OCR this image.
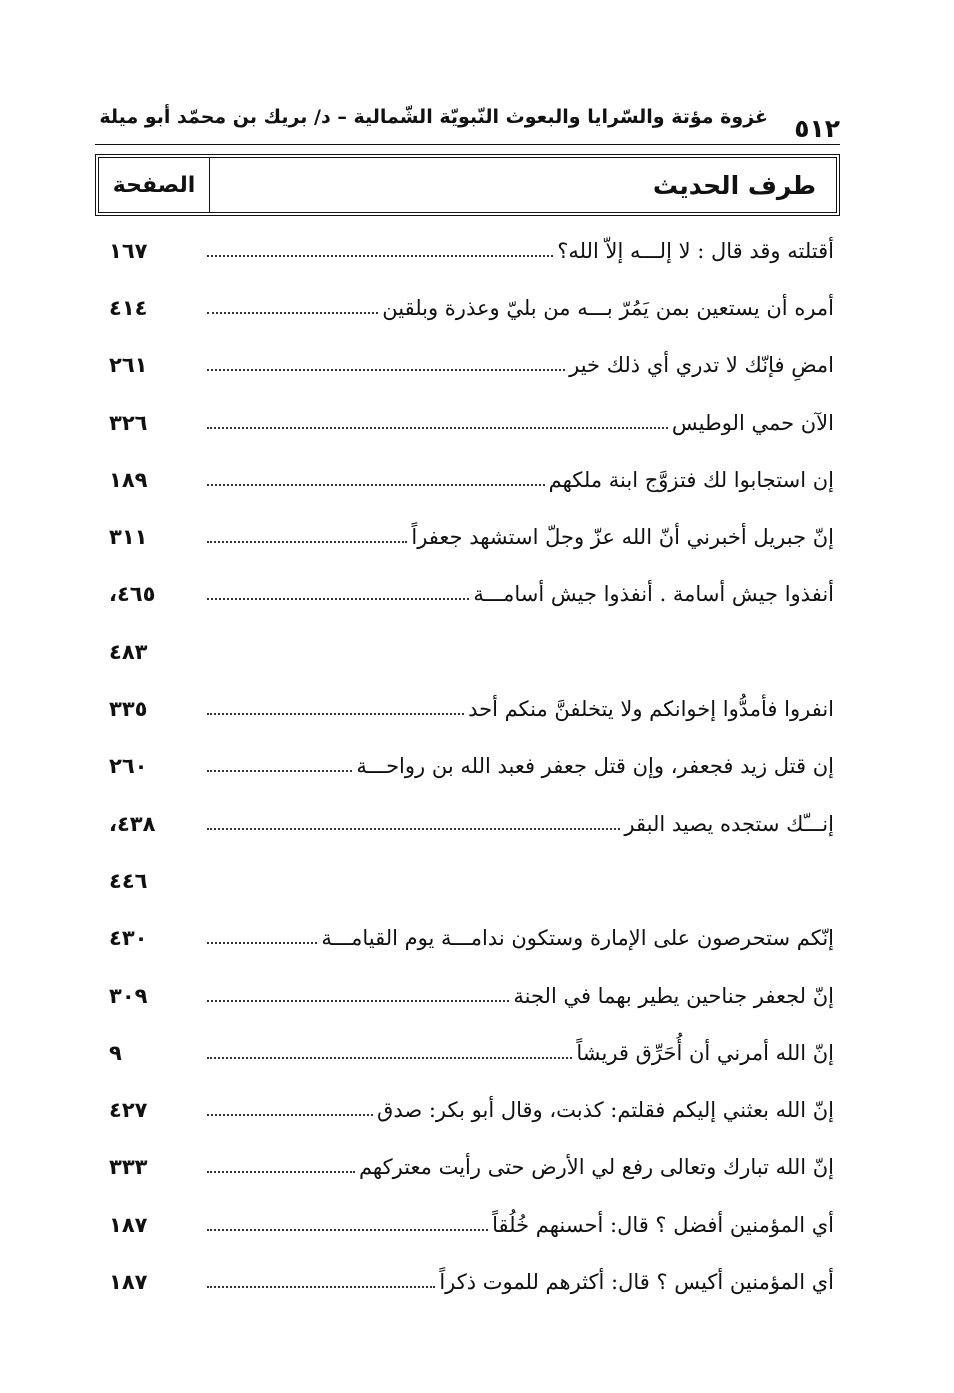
٥١٢
غزوة مؤتة والسّرايا والبعوث النّبويّة الشّمالية – د/ بريك بن محمّد أبو ميلة
طرف الحديث
الصفحة
أقتلته وقد قال : لا إلـــه إلاّ الله؟
١٦٧
أمره أن يستعين بمن يَمُرّ بـــه من بليّ وعذرة وبلقين
٤١٤
امضِ فإنّك لا تدري أي ذلك خير
٢٦١
الآن حمي الوطيس
٣٢٦
إن استجابوا لك فتزوَّج ابنة ملكهم
١٨٩
إنّ جبريل أخبرني أنّ الله عزّ وجلّ استشهد جعفراً
٣١١
أنفذوا جيش أسامة . أنفذوا جيش أسامـــة
٤٦٥،
٤٨٣
انفروا فأمدُّوا إخوانكم ولا يتخلفنَّ منكم أحد
٣٣٥
إن قتل زيد فجعفر، وإن قتل جعفر فعبد الله بن رواحـــة
٢٦٠
إنـــّك ستجده يصيد البقر
٤٣٨،
٤٤٦
إنّكم ستحرصون على الإمارة وستكون ندامـــة يوم القيامـــة
٤٣٠
إنّ لجعفر جناحين يطير بهما في الجنة
٣٠٩
إنّ الله أمرني أن أُحَرِّق قريشاً
٩
إنّ الله بعثني إليكم فقلتم: كذبت، وقال أبو بكر: صدق
٤٢٧
إنّ الله تبارك وتعالى رفع لي الأرض حتى رأيت معتركهم
٣٣٣
أي المؤمنين أفضل ؟ قال: أحسنهم خُلُقاً
١٨٧
أي المؤمنين أكيس ؟ قال: أكثرهم للموت ذكراً
١٨٧
